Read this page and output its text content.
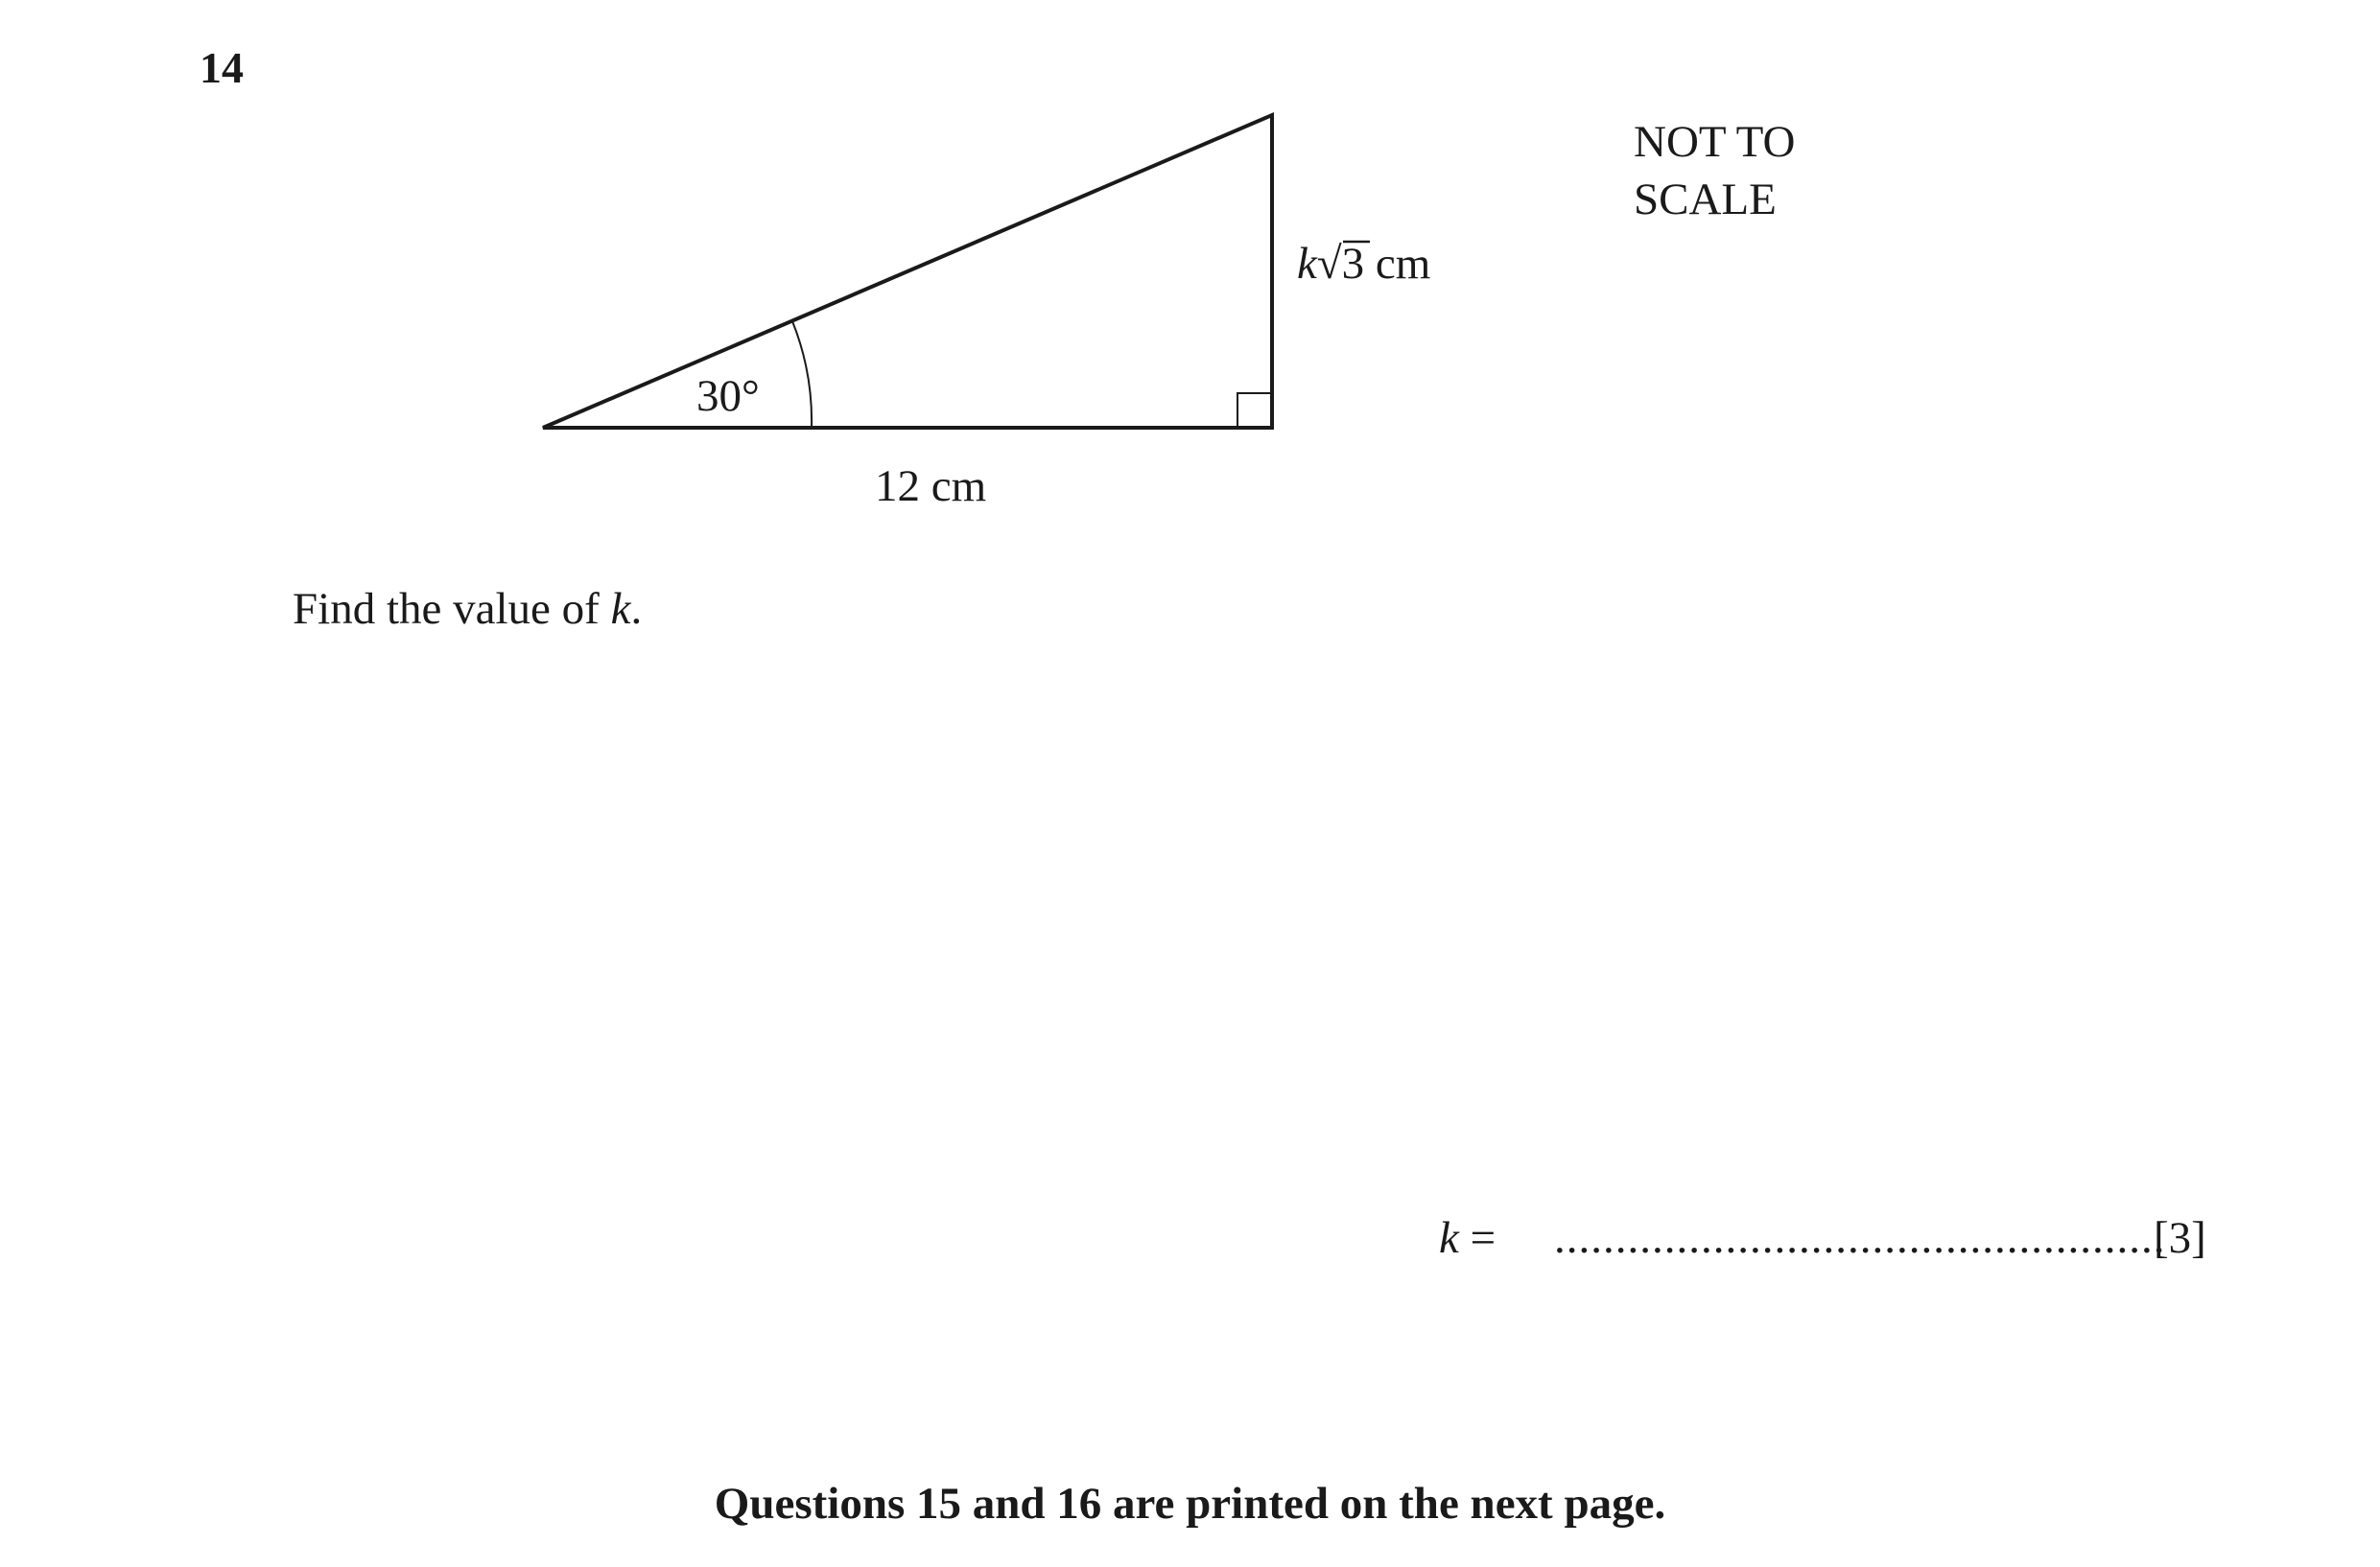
14
30°
12 cm
k√3 cm
NOT TO
SCALE
Find the value of k.
k = ..................................................
[3]
Questions 15 and 16 are printed on the next page.
